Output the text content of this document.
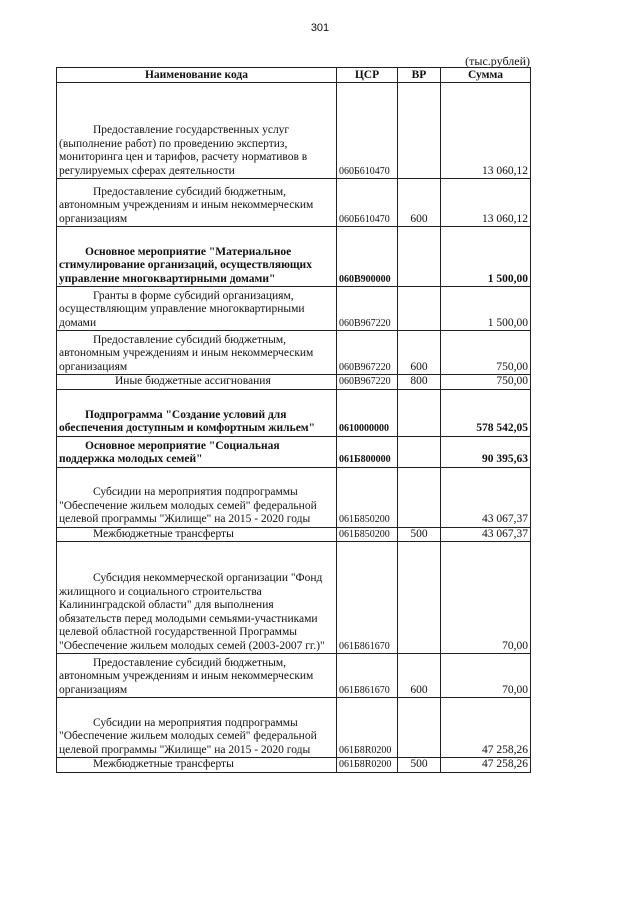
301
(тыс.рублей)
Наименование кода	ЦСР	ВР	Сумма
Предоставление государственных услуг (выполнение работ) по проведению экспертиз, мониторинга цен и тарифов, расчету нормативов в регулируемых сферах деятельности	060Б610470		13 060,12
Предоставление субсидий бюджетным, автономным учреждениям и иным некоммерческим организациям	060Б610470	600	13 060,12
Основное мероприятие "Материальное стимулирование организаций, осуществляющих управление многоквартирными домами"	060В900000		1 500,00
Гранты в форме субсидий организациям, осуществляющим управление многоквартирными домами	060В967220		1 500,00
Предоставление субсидий бюджетным, автономным учреждениям и иным некоммерческим организациям	060В967220	600	750,00
Иные бюджетные ассигнования	060В967220	800	750,00
Подпрограмма "Создание условий для обеспечения доступным и комфортным жильем"	0610000000		578 542,05
Основное мероприятие "Социальная поддержка молодых семей"	061Б800000		90 395,63
Субсидии на мероприятия подпрограммы "Обеспечение жильем молодых семей" федеральной целевой программы "Жилище" на 2015 - 2020 годы	061Б850200		43 067,37
Межбюджетные трансферты	061Б850200	500	43 067,37
Субсидия некоммерческой организации "Фонд жилищного и социального строительства Калининградской области" для выполнения обязательств перед молодыми семьями-участниками целевой областной государственной Программы "Обеспечение жильем молодых семей (2003-2007 гг.)"	061Б861670		70,00
Предоставление субсидий бюджетным, автономным учреждениям и иным некоммерческим организациям	061Б861670	600	70,00
Субсидии на мероприятия подпрограммы "Обеспечение жильем молодых семей" федеральной целевой программы "Жилище" на 2015 - 2020 годы	061Б8R0200		47 258,26
Межбюджетные трансферты	061Б8R0200	500	47 258,26
